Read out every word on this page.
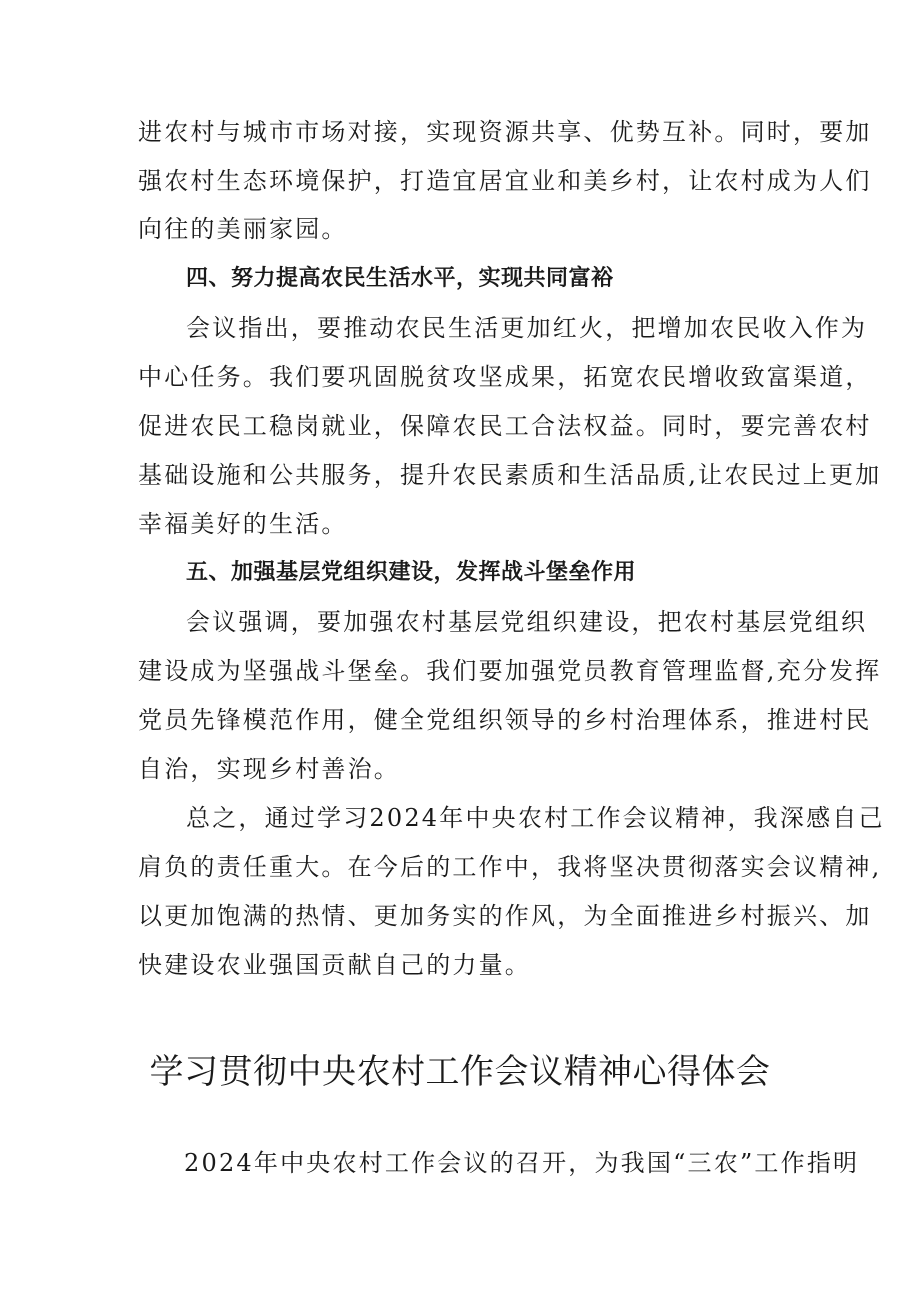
进农村与城市市场对接，实现资源共享、优势互补。同时，要加
强农村生态环境保护，打造宜居宜业和美乡村，让农村成为人们
向往的美丽家园。
四、努力提高农民生活水平，实现共同富裕
会议指出，要推动农民生活更加红火，把增加农民收入作为
中心任务。我们要巩固脱贫攻坚成果，拓宽农民增收致富渠道，
促进农民工稳岗就业，保障农民工合法权益。同时，要完善农村
基础设施和公共服务，提升农民素质和生活品质,让农民过上更加
幸福美好的生活。
五、加强基层党组织建设，发挥战斗堡垒作用
会议强调，要加强农村基层党组织建设，把农村基层党组织
建设成为坚强战斗堡垒。我们要加强党员教育管理监督,充分发挥
党员先锋模范作用，健全党组织领导的乡村治理体系，推进村民
自治，实现乡村善治。
总之，通过学习2024年中央农村工作会议精神，我深感自己
肩负的责任重大。在今后的工作中，我将坚决贯彻落实会议精神,
以更加饱满的热情、更加务实的作风，为全面推进乡村振兴、加
快建设农业强国贡献自己的力量。
学习贯彻中央农村工作会议精神心得体会
2024年中央农村工作会议的召开，为我国“三农”工作指明
